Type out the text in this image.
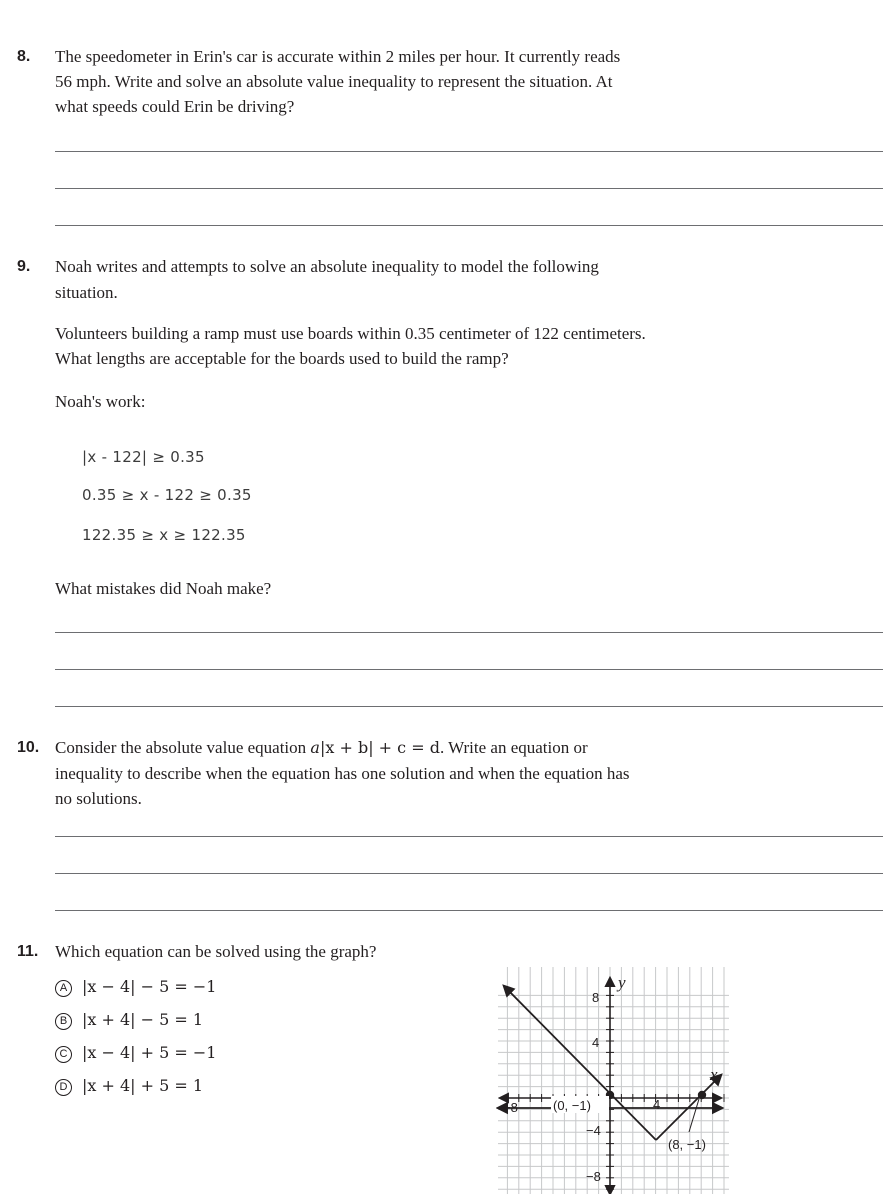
8. The speedometer in Erin's car is accurate within 2 miles per hour. It currently reads
56 mph. Write and solve an absolute value inequality to represent the situation. At
what speeds could Erin be driving?
9. Noah writes and attempts to solve an absolute inequality to model the following
situation.
Volunteers building a ramp must use boards within 0.35 centimeter of 122 centimeters.
What lengths are acceptable for the boards used to build the ramp?
Noah's work:
|x - 122| ≥ 0.35
0.35 ≥ x - 122 ≥ 0.35
122.35 ≥ x ≥ 122.35
What mistakes did Noah make?
10. Consider the absolute value equation a|x + b| + c = d. Write an equation or
inequality to describe when the equation has one solution and when the equation has
no solutions.
11. Which equation can be solved using the graph?
A |x − 4| − 5 = −1
B |x + 4| − 5 = 1
C |x − 4| + 5 = −1
D |x + 4| + 5 = 1
y
x
−8	4
8
4
−4
−8
(0, −1)
(8, −1)
